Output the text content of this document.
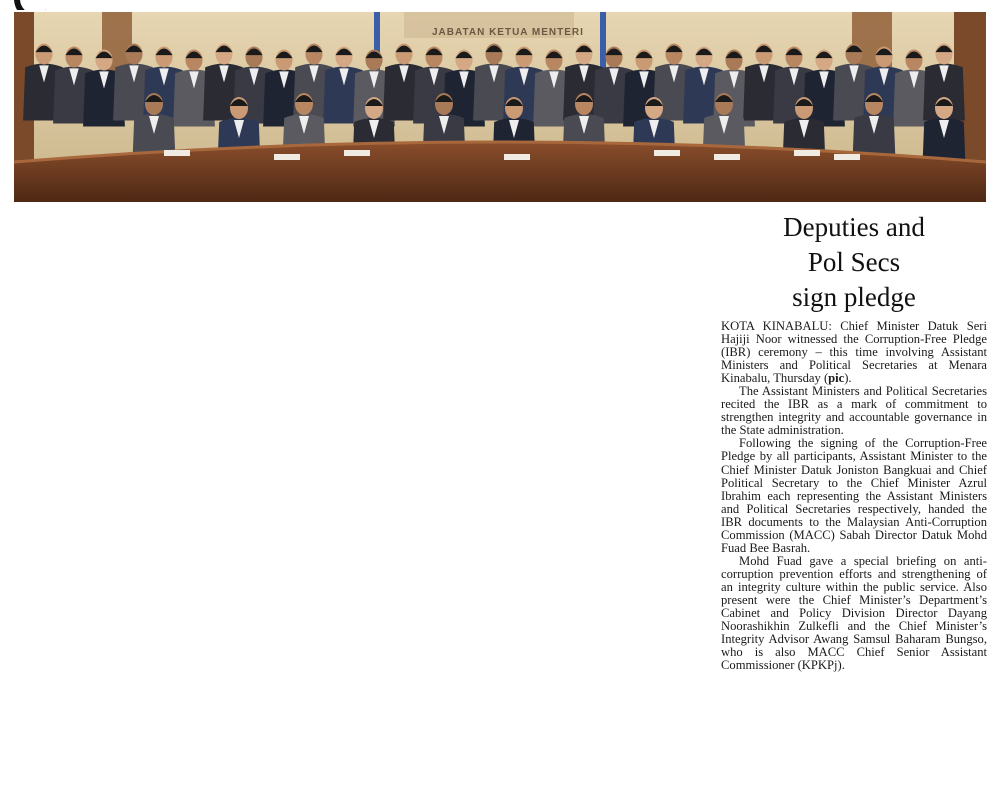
JABATAN KETUA MENTERI
Deputies and
Pol Secs
sign pledge

KOTA KINABALU: Chief Minister Datuk Seri Hajiji Noor witnessed the Corruption-Free Pledge (IBR) ceremony – this time involving Assistant Ministers and Political Secretaries at Menara Kinabalu, Thursday (pic).

The Assistant Ministers and Political Secretaries recited the IBR as a mark of commitment to strengthen integrity and accountable governance in the State administration.

Following the signing of the Corruption-Free Pledge by all participants, Assistant Minister to the Chief Minister Datuk Joniston Bangkuai and Chief Political Secretary to the Chief Minister Azrul Ibrahim each representing the Assistant Ministers and Political Secretaries respectively, handed the IBR documents to the Malaysian Anti-Corruption Commission (MACC) Sabah Director Datuk Mohd Fuad Bee Basrah.

Mohd Fuad gave a special briefing on anti-corruption prevention efforts and strengthening of an integrity culture within the public service. Also present were the Chief Minister’s Department’s Cabinet and Policy Division Director Dayang Noorashikhin Zulkefli and the Chief Minister’s Integrity Advisor Awang Samsul Baharam Bungso, who is also MACC Chief Senior Assistant Commissioner (KPKPj).
